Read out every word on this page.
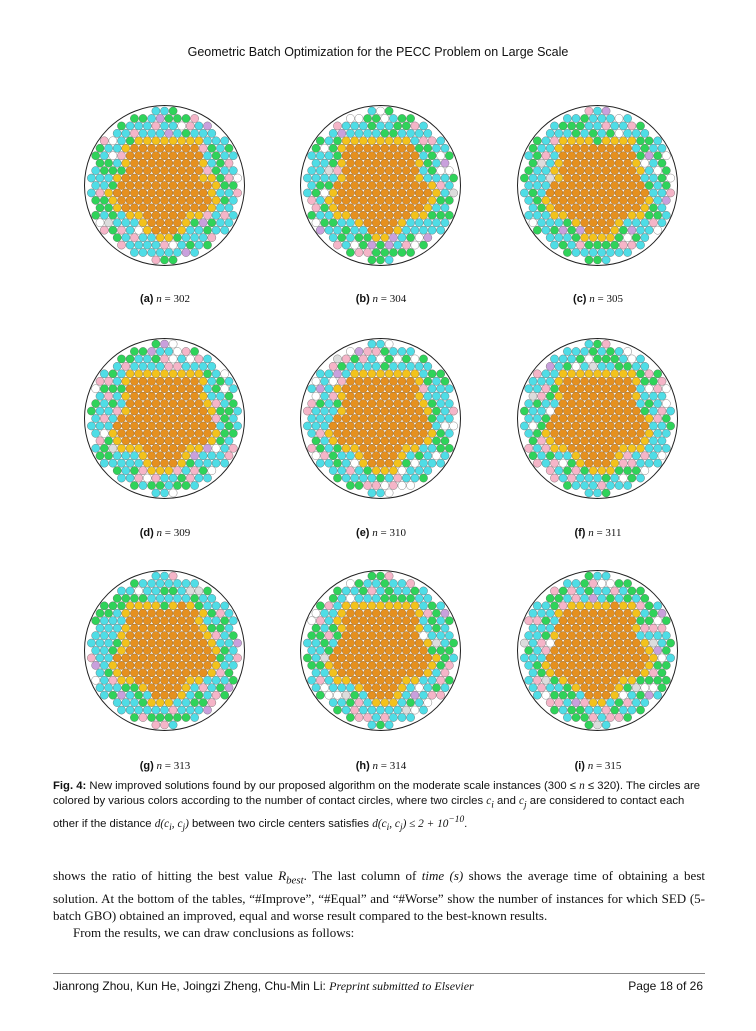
Geometric Batch Optimization for the PECC Problem on Large Scale
(a) n = 302	(b) n = 304	(c) n = 305
(d) n = 309	(e) n = 310	(f) n = 311
(g) n = 313	(h) n = 314	(i) n = 315
Fig. 4: New improved solutions found by our proposed algorithm on the moderate scale instances (300 ≤ n ≤ 320). The circles are colored by various colors according to the number of contact circles, where two circles $c_i$ and $c_j$ are considered to contact each other if the distance $d(c_i$, $c_j$) between two circle centers satisfies $d(c_i$, $c_j) \le 2 + 10^{-10}$.

shows the ratio of hitting the best value $R_{best}$. The last column of time (s) shows the average time of obtaining a best solution. At the bottom of the tables, “#Improve”, “#Equal” and “#Worse” show the number of instances for which SED (5-batch GBO) obtained an improved, equal and worse result compared to the best-known results.

From the results, we can draw conclusions as follows:

Jianrong Zhou, Kun He, Joingzi Zheng, Chu-Min Li: Preprint submitted to Elsevier	Page 18 of 26
